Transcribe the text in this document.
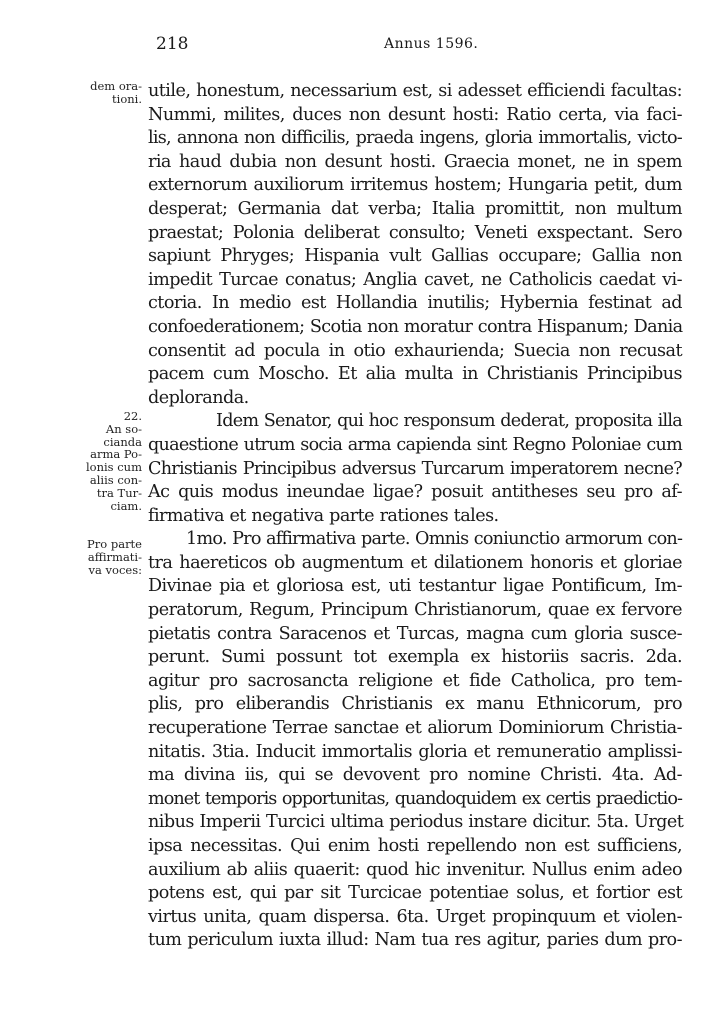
218	Annus 1596.
dem ora-
tioni.
22.
An so-
cianda
arma Po-
lonis cum
aliis con-
tra Tur-
ciam.
Pro parte
affirmati-
va voces:
utile, honestum, necessarium est, si adesset efficiendi facultas:
Nummi, milites, duces non desunt hosti: Ratio certa, via faci-
lis, annona non difficilis, praeda ingens, gloria immortalis, victo-
ria haud dubia non desunt hosti. Graecia monet, ne in spem
externorum auxiliorum irritemus hostem; Hungaria petit, dum
desperat; Germania dat verba; Italia promittit, non multum
praestat; Polonia deliberat consulto; Veneti exspectant. Sero
sapiunt Phryges; Hispania vult Gallias occupare; Gallia non
impedit Turcae conatus; Anglia cavet, ne Catholicis caedat vi-
ctoria. In medio est Hollandia inutilis; Hybernia festinat ad
confoederationem; Scotia non moratur contra Hispanum; Dania
consentit ad pocula in otio exhaurienda; Suecia non recusat
pacem cum Moscho. Et alia multa in Christianis Principibus
deploranda.
Idem Senator, qui hoc responsum dederat, proposita illa
quaestione utrum socia arma capienda sint Regno Poloniae cum
Christianis Principibus adversus Turcarum imperatorem necne?
Ac quis modus ineundae ligae? posuit antitheses seu pro af-
firmativa et negativa parte rationes tales.
1mo. Pro affirmativa parte. Omnis coniunctio armorum con-
tra haereticos ob augmentum et dilationem honoris et gloriae
Divinae pia et gloriosa est, uti testantur ligae Pontificum, Im-
peratorum, Regum, Principum Christianorum, quae ex fervore
pietatis contra Saracenos et Turcas, magna cum gloria susce-
perunt. Sumi possunt tot exempla ex historiis sacris. 2da.
agitur pro sacrosancta religione et fide Catholica, pro tem-
plis, pro eliberandis Christianis ex manu Ethnicorum, pro
recuperatione Terrae sanctae et aliorum Dominiorum Christia-
nitatis. 3tia. Inducit immortalis gloria et remuneratio amplissi-
ma divina iis, qui se devovent pro nomine Christi. 4ta. Ad-
monet temporis opportunitas, quandoquidem ex certis praedictio-
nibus Imperii Turcici ultima periodus instare dicitur. 5ta. Urget
ipsa necessitas. Qui enim hosti repellendo non est sufficiens,
auxilium ab aliis quaerit: quod hic invenitur. Nullus enim adeo
potens est, qui par sit Turcicae potentiae solus, et fortior est
virtus unita, quam dispersa. 6ta. Urget propinquum et violen-
tum periculum iuxta illud: Nam tua res agitur, paries dum pro-
